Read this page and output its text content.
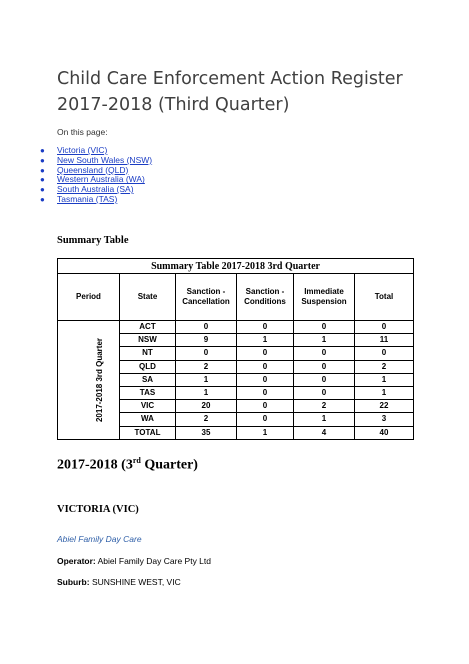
Child Care Enforcement Action Register
2017-2018 (Third Quarter)
On this page:
● Victoria (VIC)
● New South Wales (NSW)
● Queensland (QLD)
● Western Australia (WA)
● South Australia (SA)
● Tasmania (TAS)
Summary Table
Summary Table 2017-2018 3rd Quarter					
Period	State	Sanction - Cancellation	Sanction - Conditions	Immediate Suspension	Total
2017-2018 3rd Quarter	ACT	0	0	0	0
	NSW	9	1	1	11
	NT	0	0	0	0
	QLD	2	0	0	2
	SA	1	0	0	1
	TAS	1	0	0	1
	VIC	20	0	2	22
	WA	2	0	1	3
	TOTAL	35	1	4	40
2017-2018 (3rd Quarter)
VICTORIA (VIC)
Abiel Family Day Care
Operator: Abiel Family Day Care Pty Ltd
Suburb: SUNSHINE WEST, VIC
